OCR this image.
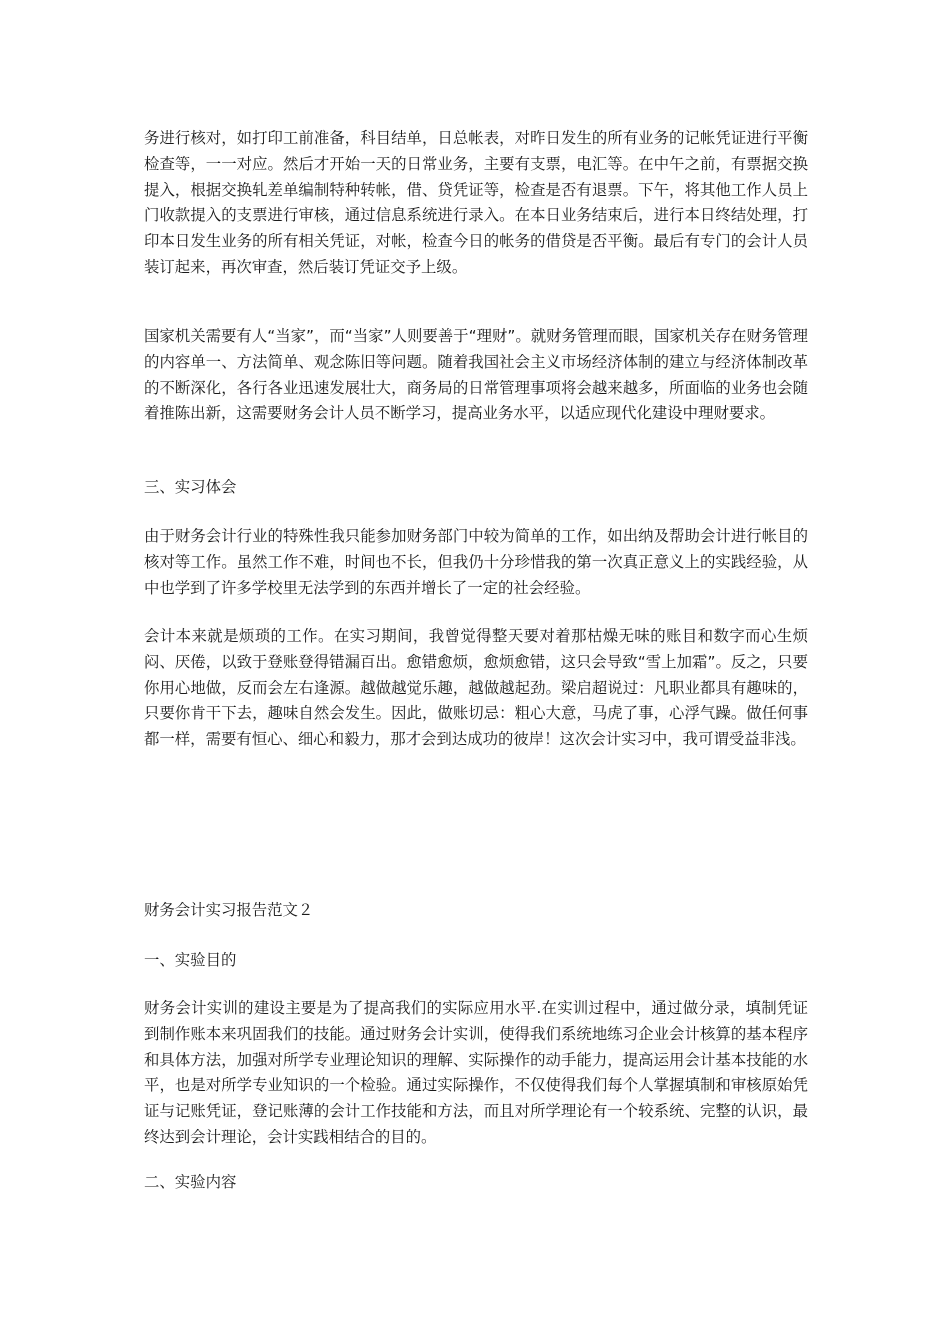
务进行核对，如打印工前准备，科目结单，日总帐表，对昨日发生的所有业务的记帐凭证进行平衡检查等，一一对应。然后才开始一天的日常业务，主要有支票，电汇等。在中午之前，有票据交换提入，根据交换轧差单编制特种转帐，借、贷凭证等，检查是否有退票。下午，将其他工作人员上门收款提入的支票进行审核，通过信息系统进行录入。在本日业务结束后，进行本日终结处理，打印本日发生业务的所有相关凭证，对帐，检查今日的帐务的借贷是否平衡。最后有专门的会计人员装订起来，再次审查，然后装订凭证交予上级。

国家机关需要有人“当家”，而“当家”人则要善于“理财”。就财务管理而眼，国家机关存在财务管理的内容单一、方法简单、观念陈旧等问题。随着我国社会主义市场经济体制的建立与经济体制改革的不断深化，各行各业迅速发展壮大，商务局的日常管理事项将会越来越多，所面临的业务也会随着推陈出新，这需要财务会计人员不断学习，提高业务水平，以适应现代化建设中理财要求。

三、实习体会

由于财务会计行业的特殊性我只能参加财务部门中较为简单的工作，如出纳及帮助会计进行帐目的核对等工作。虽然工作不难，时间也不长，但我仍十分珍惜我的第一次真正意义上的实践经验，从中也学到了许多学校里无法学到的东西并增长了一定的社会经验。

会计本来就是烦琐的工作。在实习期间，我曾觉得整天要对着那枯燥无味的账目和数字而心生烦闷、厌倦，以致于登账登得错漏百出。愈错愈烦，愈烦愈错，这只会导致“雪上加霜”。反之，只要你用心地做，反而会左右逢源。越做越觉乐趣，越做越起劲。梁启超说过：凡职业都具有趣味的，只要你肯干下去，趣味自然会发生。因此，做账切忌：粗心大意，马虎了事，心浮气躁。做任何事都一样，需要有恒心、细心和毅力，那才会到达成功的彼岸！这次会计实习中，我可谓受益非浅。

财务会计实习报告范文２

一、实验目的

财务会计实训的建设主要是为了提高我们的实际应用水平.在实训过程中，通过做分录，填制凭证到制作账本来巩固我们的技能。通过财务会计实训，使得我们系统地练习企业会计核算的基本程序和具体方法，加强对所学专业理论知识的理解、实际操作的动手能力，提高运用会计基本技能的水平，也是对所学专业知识的一个检验。通过实际操作，不仅使得我们每个人掌握填制和审核原始凭证与记账凭证，登记账薄的会计工作技能和方法，而且对所学理论有一个较系统、完整的认识，最终达到会计理论，会计实践相结合的目的。

二、实验内容
